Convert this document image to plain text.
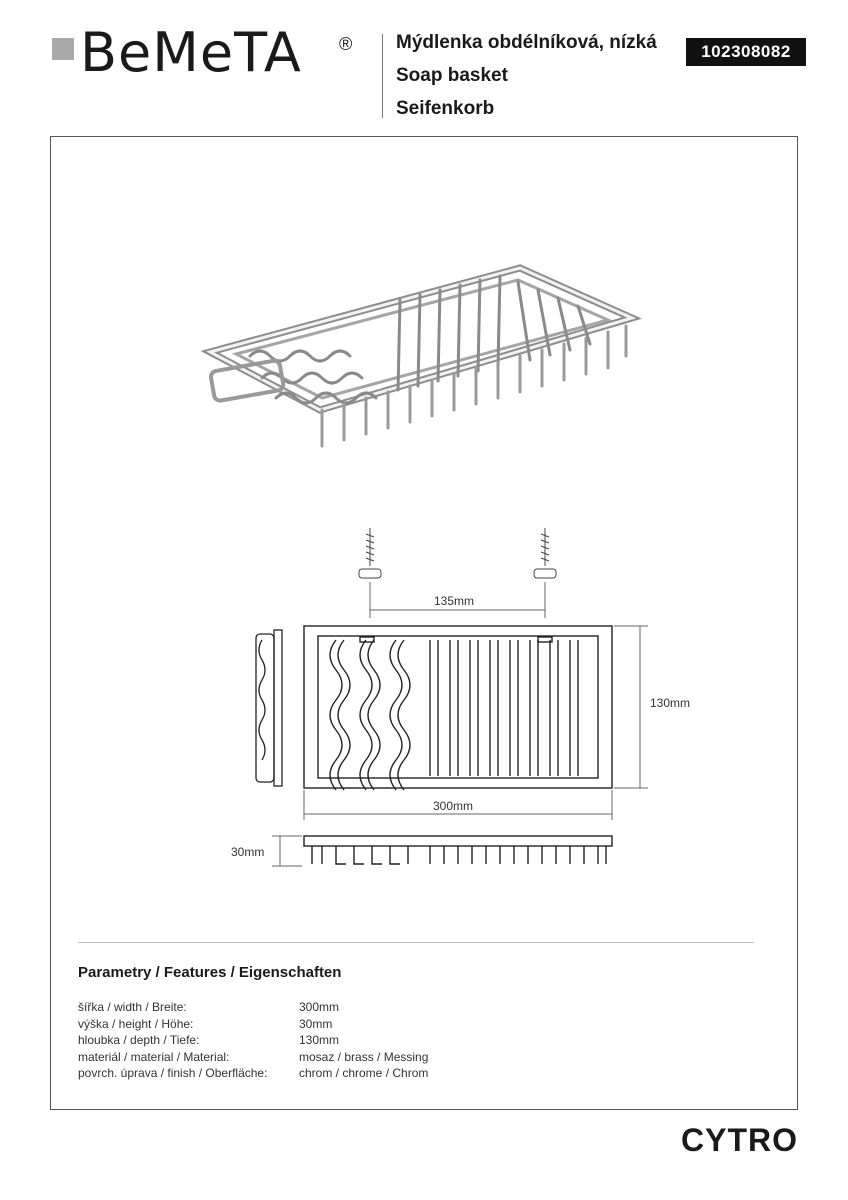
BeMeTA ® Mýdlenka obdélníková, nízká
Soap basket
Seifenkorb
102308082
135mm
130mm
300mm
30mm
Parametry / Features / Eigenschaften
šířka / width / Breite:	300mm
výška / height / Höhe:	30mm
hloubka / depth / Tiefe:	130mm
materiál / material / Material:	mosaz / brass / Messing
povrch. úprava / finish / Oberfläche:	chrom / chrome / Chrom
CYTRO
